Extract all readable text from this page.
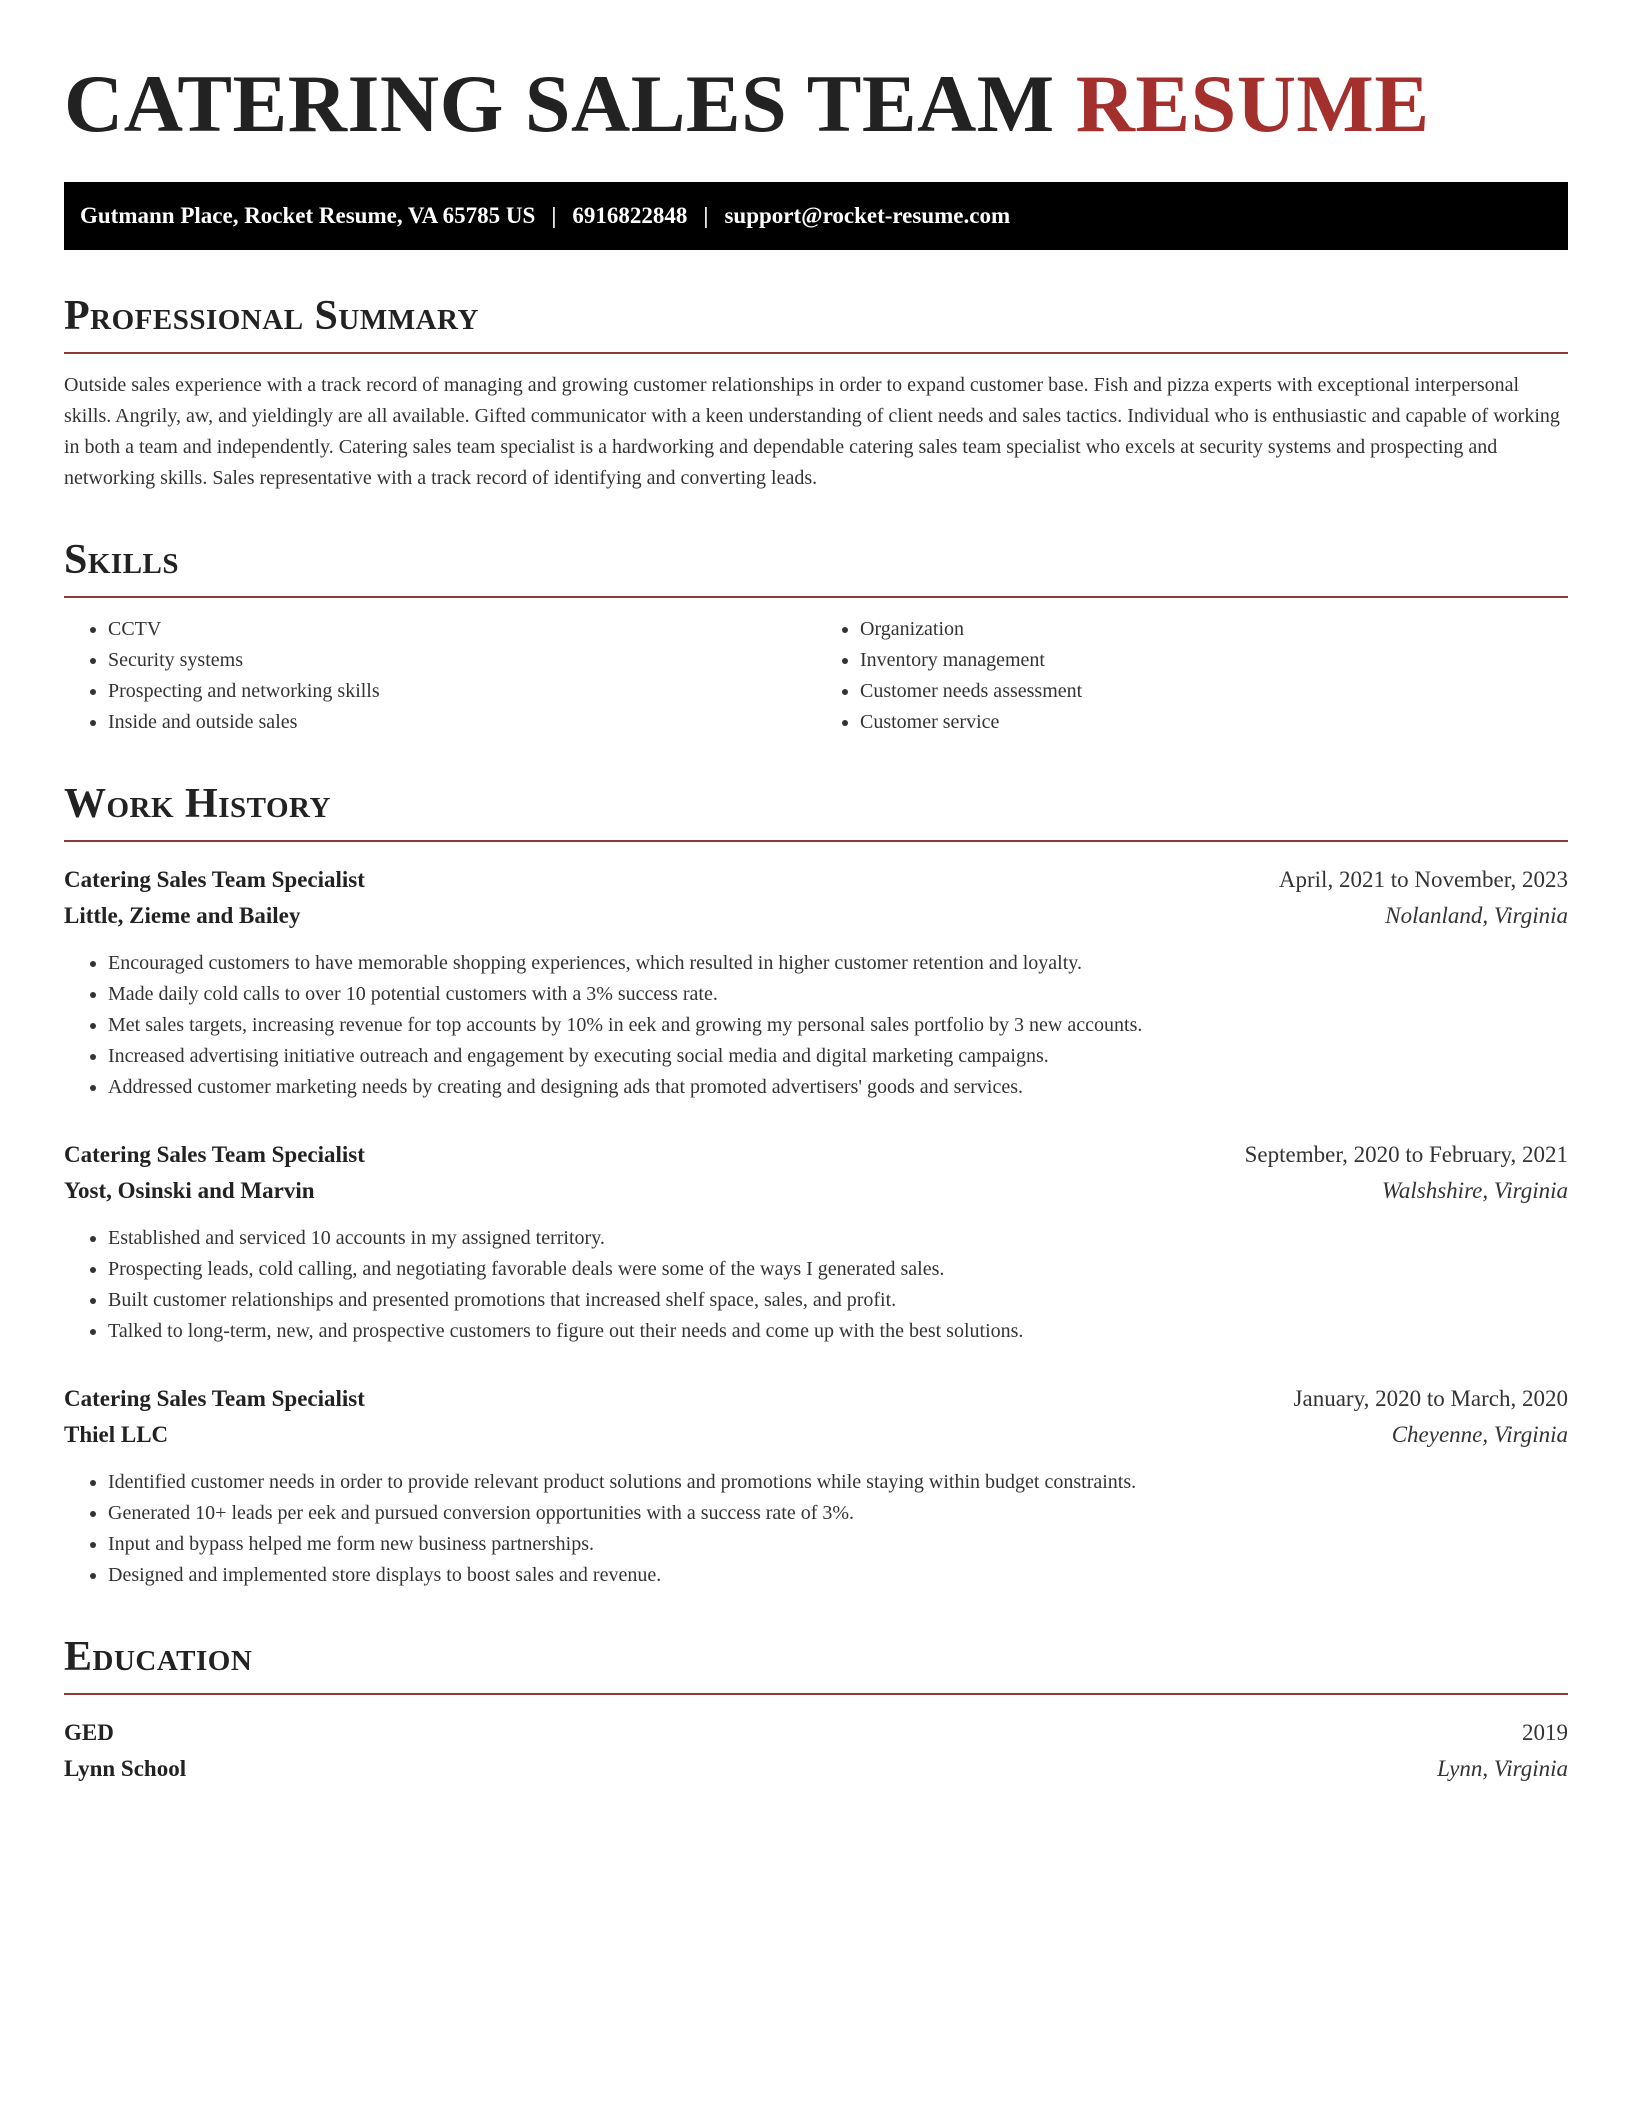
CATERING SALES TEAM RESUME
Gutmann Place, Rocket Resume, VA 65785 US | 6916822848 | support@rocket-resume.com
Professional Summary

Outside sales experience with a track record of managing and growing customer relationships in order to expand customer base. Fish and pizza experts with exceptional interpersonal skills. Angrily, aw, and yieldingly are all available. Gifted communicator with a keen understanding of client needs and sales tactics. Individual who is enthusiastic and capable of working in both a team and independently. Catering sales team specialist is a hardworking and dependable catering sales team specialist who excels at security systems and prospecting and networking skills. Sales representative with a track record of identifying and converting leads.

Skills
• CCTV
• Security systems
• Prospecting and networking skills
• Inside and outside sales
• Organization
• Inventory management
• Customer needs assessment
• Customer service
Work History
Catering Sales Team Specialist	April, 2021 to November, 2023
Little, Zieme and Bailey	Nolanland, Virginia
• Encouraged customers to have memorable shopping experiences, which resulted in higher customer retention and loyalty.
• Made daily cold calls to over 10 potential customers with a 3% success rate.
• Met sales targets, increasing revenue for top accounts by 10% in eek and growing my personal sales portfolio by 3 new accounts.
• Increased advertising initiative outreach and engagement by executing social media and digital marketing campaigns.
• Addressed customer marketing needs by creating and designing ads that promoted advertisers' goods and services.
Catering Sales Team Specialist	September, 2020 to February, 2021
Yost, Osinski and Marvin	Walshshire, Virginia
• Established and serviced 10 accounts in my assigned territory.
• Prospecting leads, cold calling, and negotiating favorable deals were some of the ways I generated sales.
• Built customer relationships and presented promotions that increased shelf space, sales, and profit.
• Talked to long-term, new, and prospective customers to figure out their needs and come up with the best solutions.
Catering Sales Team Specialist	January, 2020 to March, 2020
Thiel LLC	Cheyenne, Virginia
• Identified customer needs in order to provide relevant product solutions and promotions while staying within budget constraints.
• Generated 10+ leads per eek and pursued conversion opportunities with a success rate of 3%.
• Input and bypass helped me form new business partnerships.
• Designed and implemented store displays to boost sales and revenue.
Education
GED	2019
Lynn School	Lynn, Virginia
